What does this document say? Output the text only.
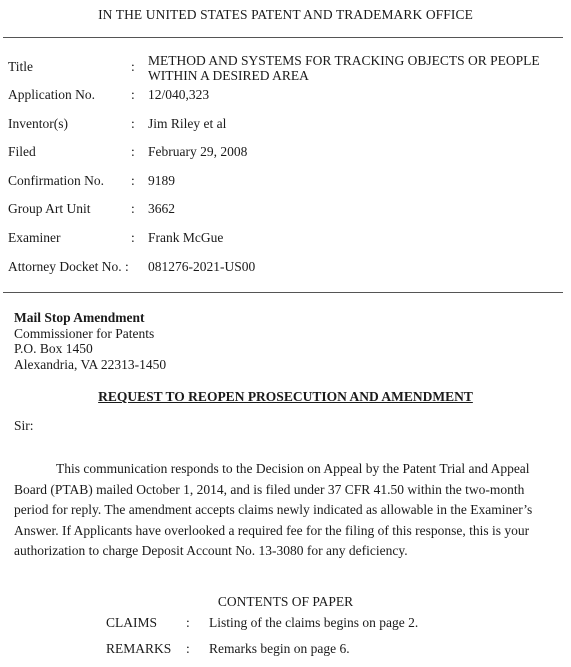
IN THE UNITED STATES PATENT AND TRADEMARK OFFICE
Title	: METHOD AND SYSTEMS FOR TRACKING OBJECTS OR PEOPLE WITHIN A DESIRED AREA
Application No.	: 12/040,323
Inventor(s)	: Jim Riley et al
Filed	: February 29, 2008
Confirmation No. : 9189
Group Art Unit	: 3662
Examiner	: Frank McGue
Attorney Docket No. : 081276-2021-US00
Mail Stop Amendment
Commissioner for Patents
P.O. Box 1450
Alexandria, VA 22313-1450
REQUEST TO REOPEN PROSECUTION AND AMENDMENT
Sir:
This communication responds to the Decision on Appeal by the Patent Trial and Appeal Board (PTAB) mailed October 1, 2014, and is filed under 37 CFR 41.50 within the two-month period for reply. The amendment accepts claims newly indicated as allowable in the Examiner’s Answer. If Applicants have overlooked a required fee for the filing of this response, this is your authorization to charge Deposit Account No. 13-3080 for any deficiency.
CONTENTS OF PAPER
CLAIMS : Listing of the claims begins on page 2.
REMARKS : Remarks begin on page 6.
